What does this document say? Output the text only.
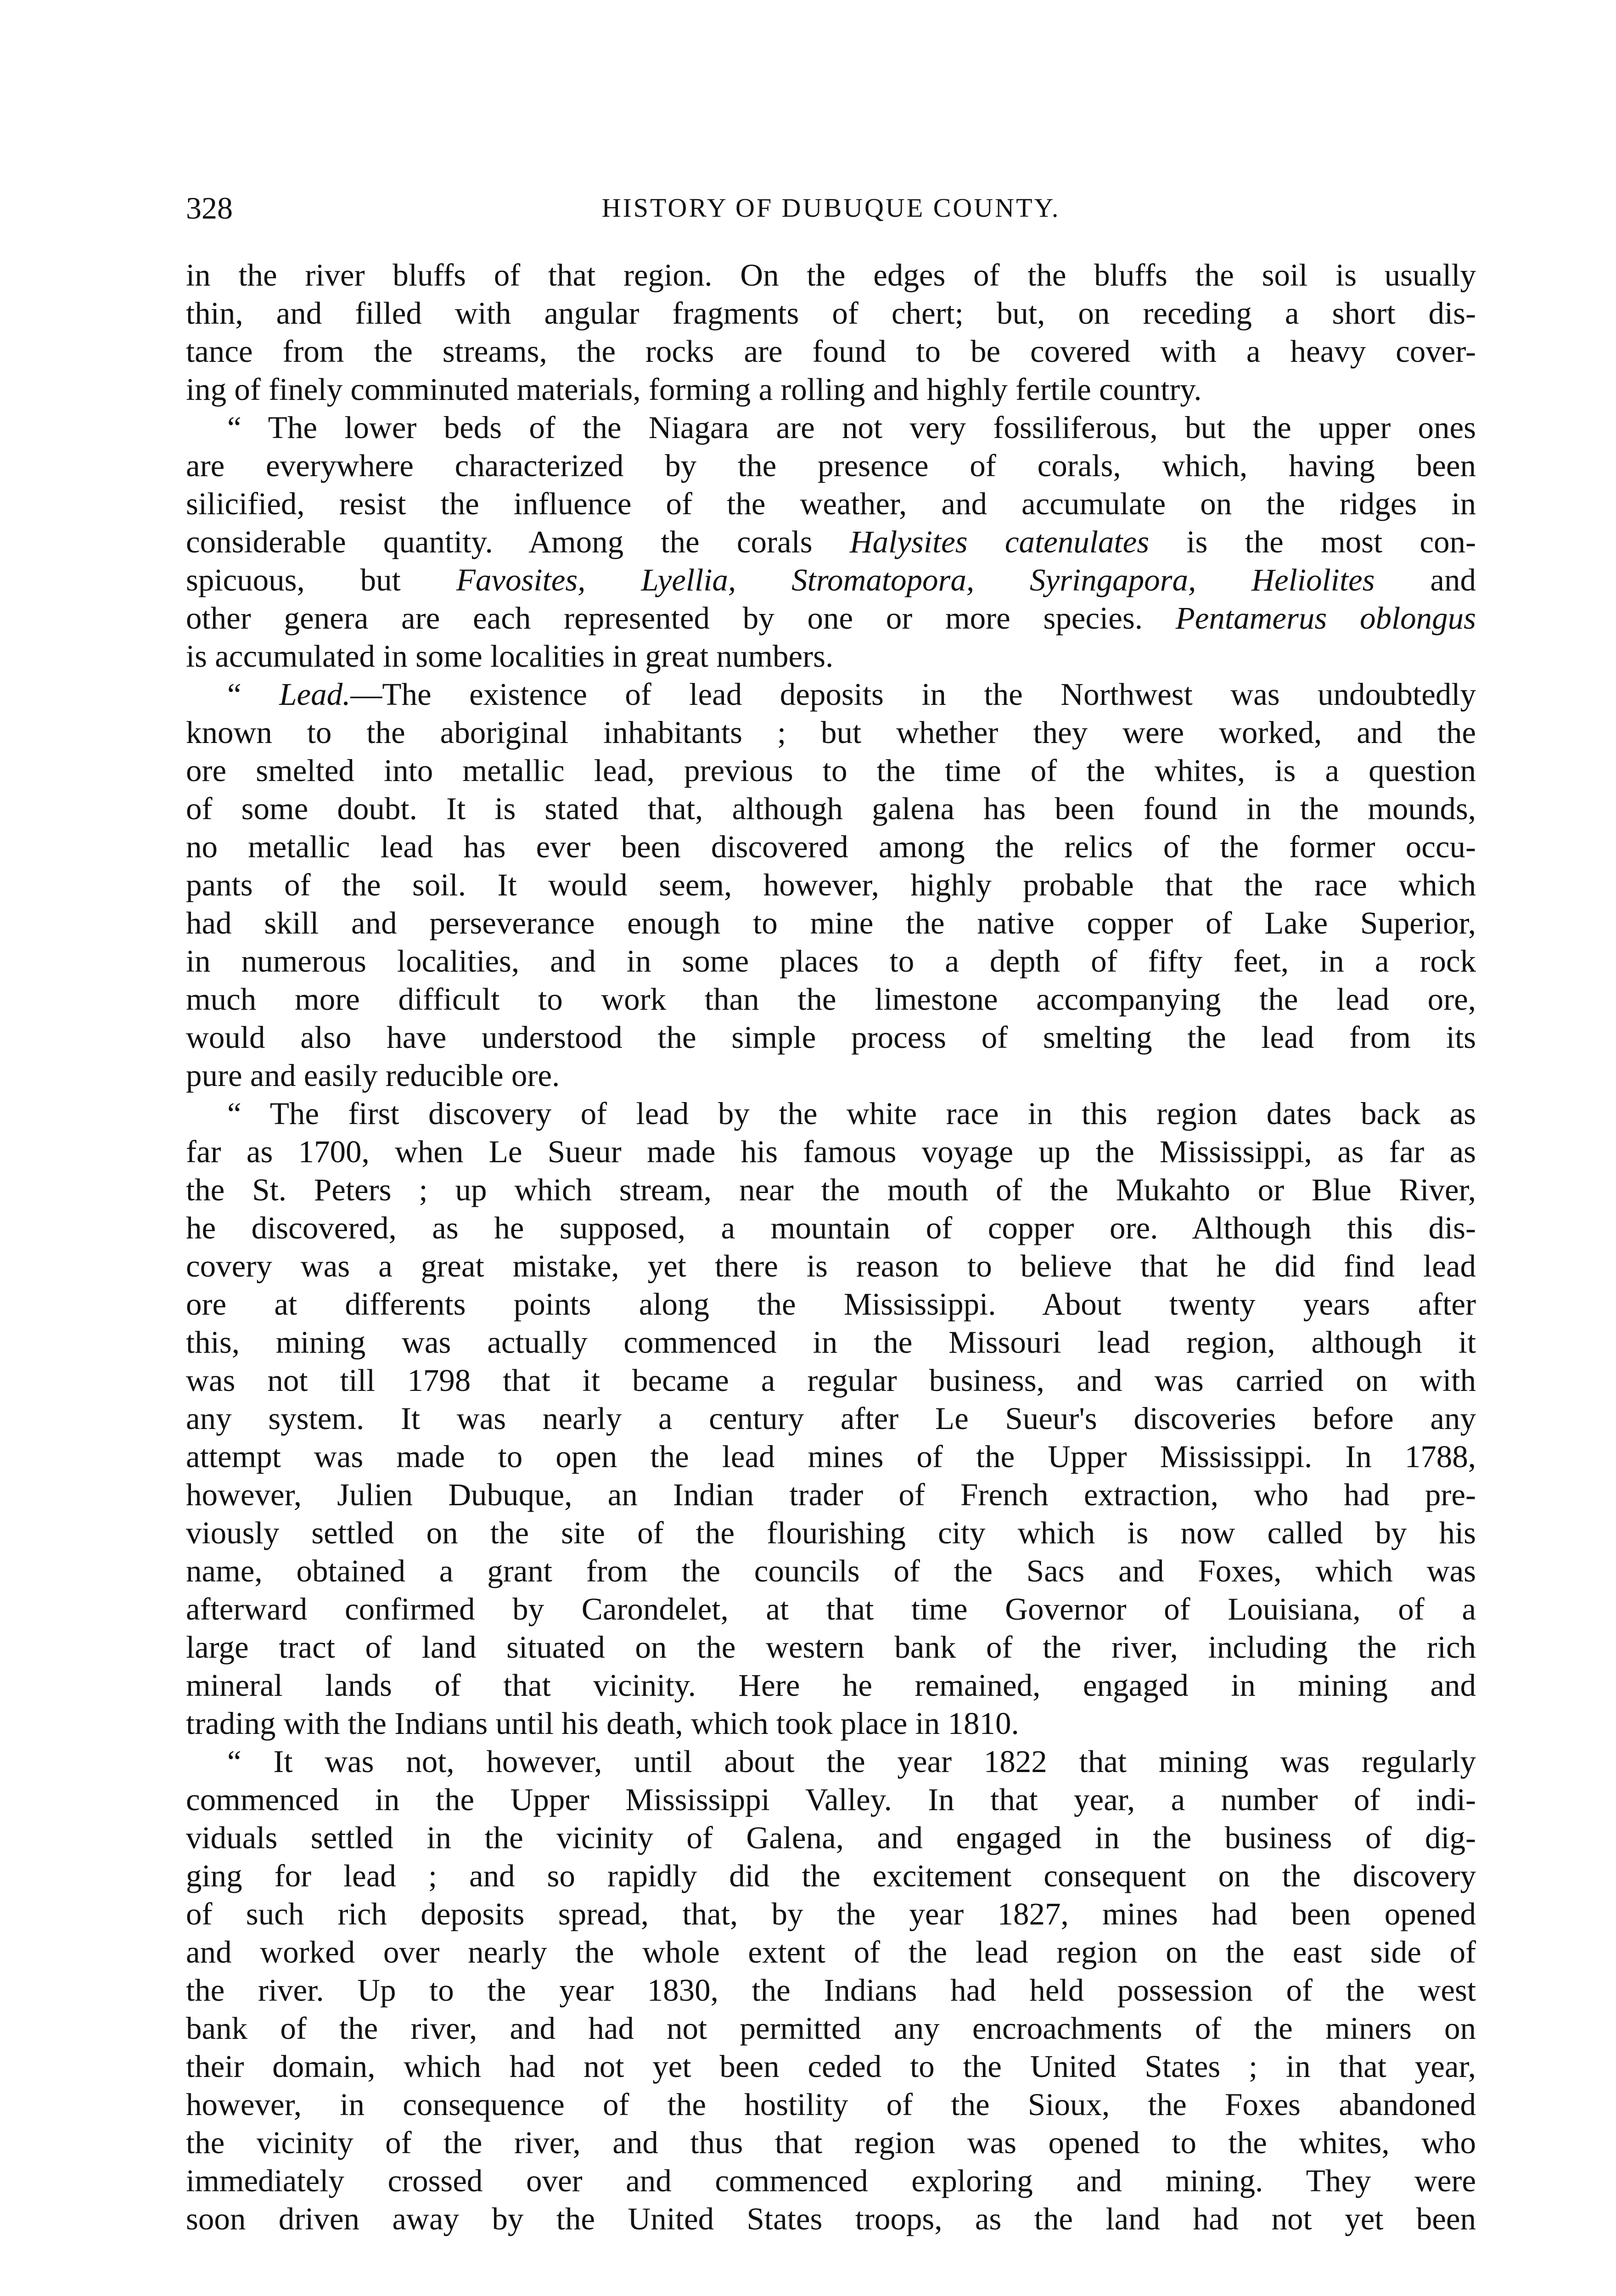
328	HISTORY OF DUBUQUE COUNTY.
in the river bluffs of that region. On the edges of the bluffs the soil is usually
thin, and filled with angular fragments of chert; but, on receding a short dis-
tance from the streams, the rocks are found to be covered with a heavy cover-
ing of finely comminuted materials, forming a rolling and highly fertile country.
“ The lower beds of the Niagara are not very fossiliferous, but the upper ones
are everywhere characterized by the presence of corals, which, having been
silicified, resist the influence of the weather, and accumulate on the ridges in
considerable quantity. Among the corals Halysites catenulates is the most con-
spicuous, but Favosites, Lyellia, Stromatopora, Syringapora, Heliolites and
other genera are each represented by one or more species. Pentamerus oblongus
is accumulated in some localities in great numbers.
“ Lead.—The existence of lead deposits in the Northwest was undoubtedly
known to the aboriginal inhabitants ; but whether they were worked, and the
ore smelted into metallic lead, previous to the time of the whites, is a question
of some doubt. It is stated that, although galena has been found in the mounds,
no metallic lead has ever been discovered among the relics of the former occu-
pants of the soil. It would seem, however, highly probable that the race which
had skill and perseverance enough to mine the native copper of Lake Superior,
in numerous localities, and in some places to a depth of fifty feet, in a rock
much more difficult to work than the limestone accompanying the lead ore,
would also have understood the simple process of smelting the lead from its
pure and easily reducible ore.
“ The first discovery of lead by the white race in this region dates back as
far as 1700, when Le Sueur made his famous voyage up the Mississippi, as far as
the St. Peters ; up which stream, near the mouth of the Mukahto or Blue River,
he discovered, as he supposed, a mountain of copper ore. Although this dis-
covery was a great mistake, yet there is reason to believe that he did find lead
ore at differents points along the Mississippi. About twenty years after
this, mining was actually commenced in the Missouri lead region, although it
was not till 1798 that it became a regular business, and was carried on with
any system. It was nearly a century after Le Sueur's discoveries before any
attempt was made to open the lead mines of the Upper Mississippi. In 1788,
however, Julien Dubuque, an Indian trader of French extraction, who had pre-
viously settled on the site of the flourishing city which is now called by his
name, obtained a grant from the councils of the Sacs and Foxes, which was
afterward confirmed by Carondelet, at that time Governor of Louisiana, of a
large tract of land situated on the western bank of the river, including the rich
mineral lands of that vicinity. Here he remained, engaged in mining and
trading with the Indians until his death, which took place in 1810.
“ It was not, however, until about the year 1822 that mining was regularly
commenced in the Upper Mississippi Valley. In that year, a number of indi-
viduals settled in the vicinity of Galena, and engaged in the business of dig-
ging for lead ; and so rapidly did the excitement consequent on the discovery
of such rich deposits spread, that, by the year 1827, mines had been opened
and worked over nearly the whole extent of the lead region on the east side of
the river. Up to the year 1830, the Indians had held possession of the west
bank of the river, and had not permitted any encroachments of the miners on
their domain, which had not yet been ceded to the United States ; in that year,
however, in consequence of the hostility of the Sioux, the Foxes abandoned
the vicinity of the river, and thus that region was opened to the whites, who
immediately crossed over and commenced exploring and mining. They were
soon driven away by the United States troops, as the land had not yet been
